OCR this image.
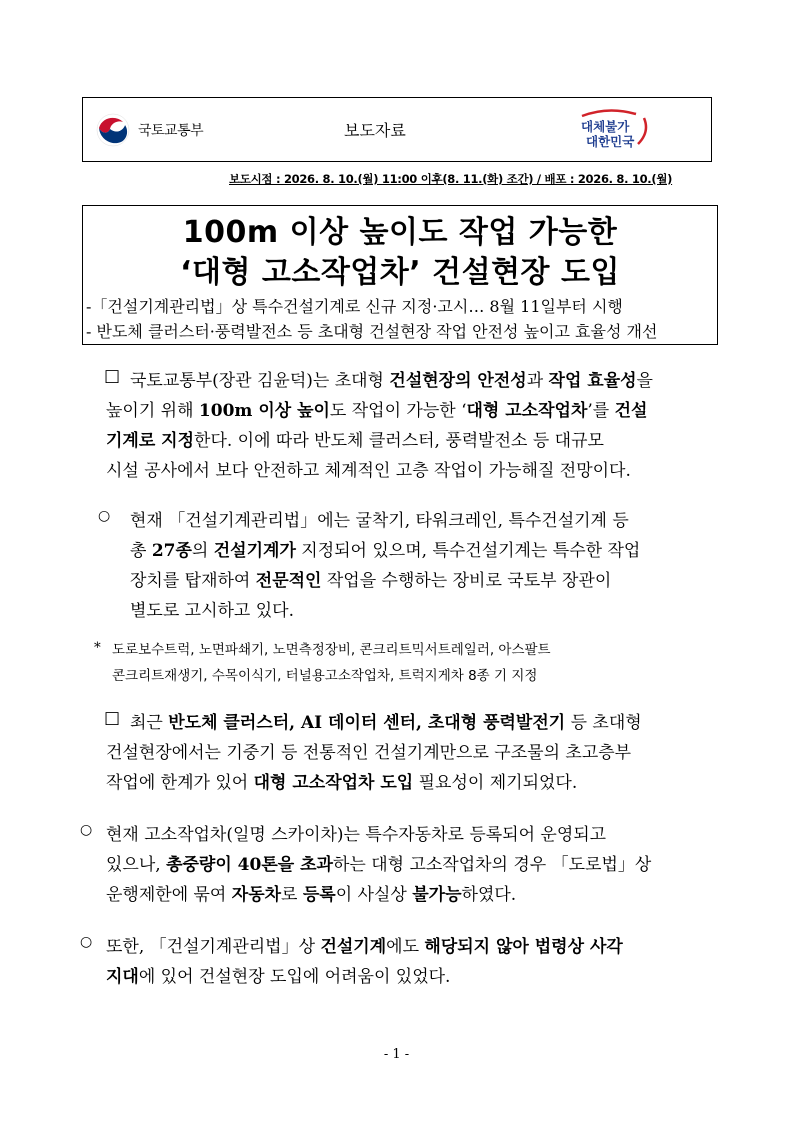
국토교통부	보도자료	대체불가
대한민국
보도시점 : 2026. 8. 10.(월) 11:00 이후(8. 11.(화) 조간) / 배포 : 2026. 8. 10.(월)
100m 이상 높이도 작업 가능한
‘대형 고소작업차’ 건설현장 도입
-「건설기계관리법」상 특수건설기계로 신규 지정·고시… 8월 11일부터 시행
- 반도체 클러스터·풍력발전소 등 초대형 건설현장 작업 안전성 높이고 효율성 개선
□ 국토교통부(장관 김윤덕)는 초대형 건설현장의 안전성과 작업 효율성을
높이기 위해 100m 이상 높이도 작업이 가능한 ‘대형 고소작업차’를 건설
기계로 지정한다. 이에 따라 반도체 클러스터, 풍력발전소 등 대규모
시설 공사에서 보다 안전하고 체계적인 고층 작업이 가능해질 전망이다.
○ 현재 「건설기계관리법」에는 굴착기, 타워크레인, 특수건설기계 등
총 27종의 건설기계가 지정되어 있으며, 특수건설기계는 특수한 작업
장치를 탑재하여 전문적인 작업을 수행하는 장비로 국토부 장관이
별도로 고시하고 있다.
* 도로보수트럭, 노면파쇄기, 노면측정장비, 콘크리트믹서트레일러, 아스팔트
콘크리트재생기, 수목이식기, 터널용고소작업차, 트럭지게차 8종 기 지정
□ 최근 반도체 클러스터, AI 데이터 센터, 초대형 풍력발전기 등 초대형
건설현장에서는 기중기 등 전통적인 건설기계만으로 구조물의 초고층부
작업에 한계가 있어 대형 고소작업차 도입 필요성이 제기되었다.
○ 현재 고소작업차(일명 스카이차)는 특수자동차로 등록되어 운영되고
있으나, 총중량이 40톤을 초과하는 대형 고소작업차의 경우 「도로법」상
운행제한에 묶여 자동차로 등록이 사실상 불가능하였다.
○ 또한, 「건설기계관리법」상 건설기계에도 해당되지 않아 법령상 사각
지대에 있어 건설현장 도입에 어려움이 있었다.
- 1 -
